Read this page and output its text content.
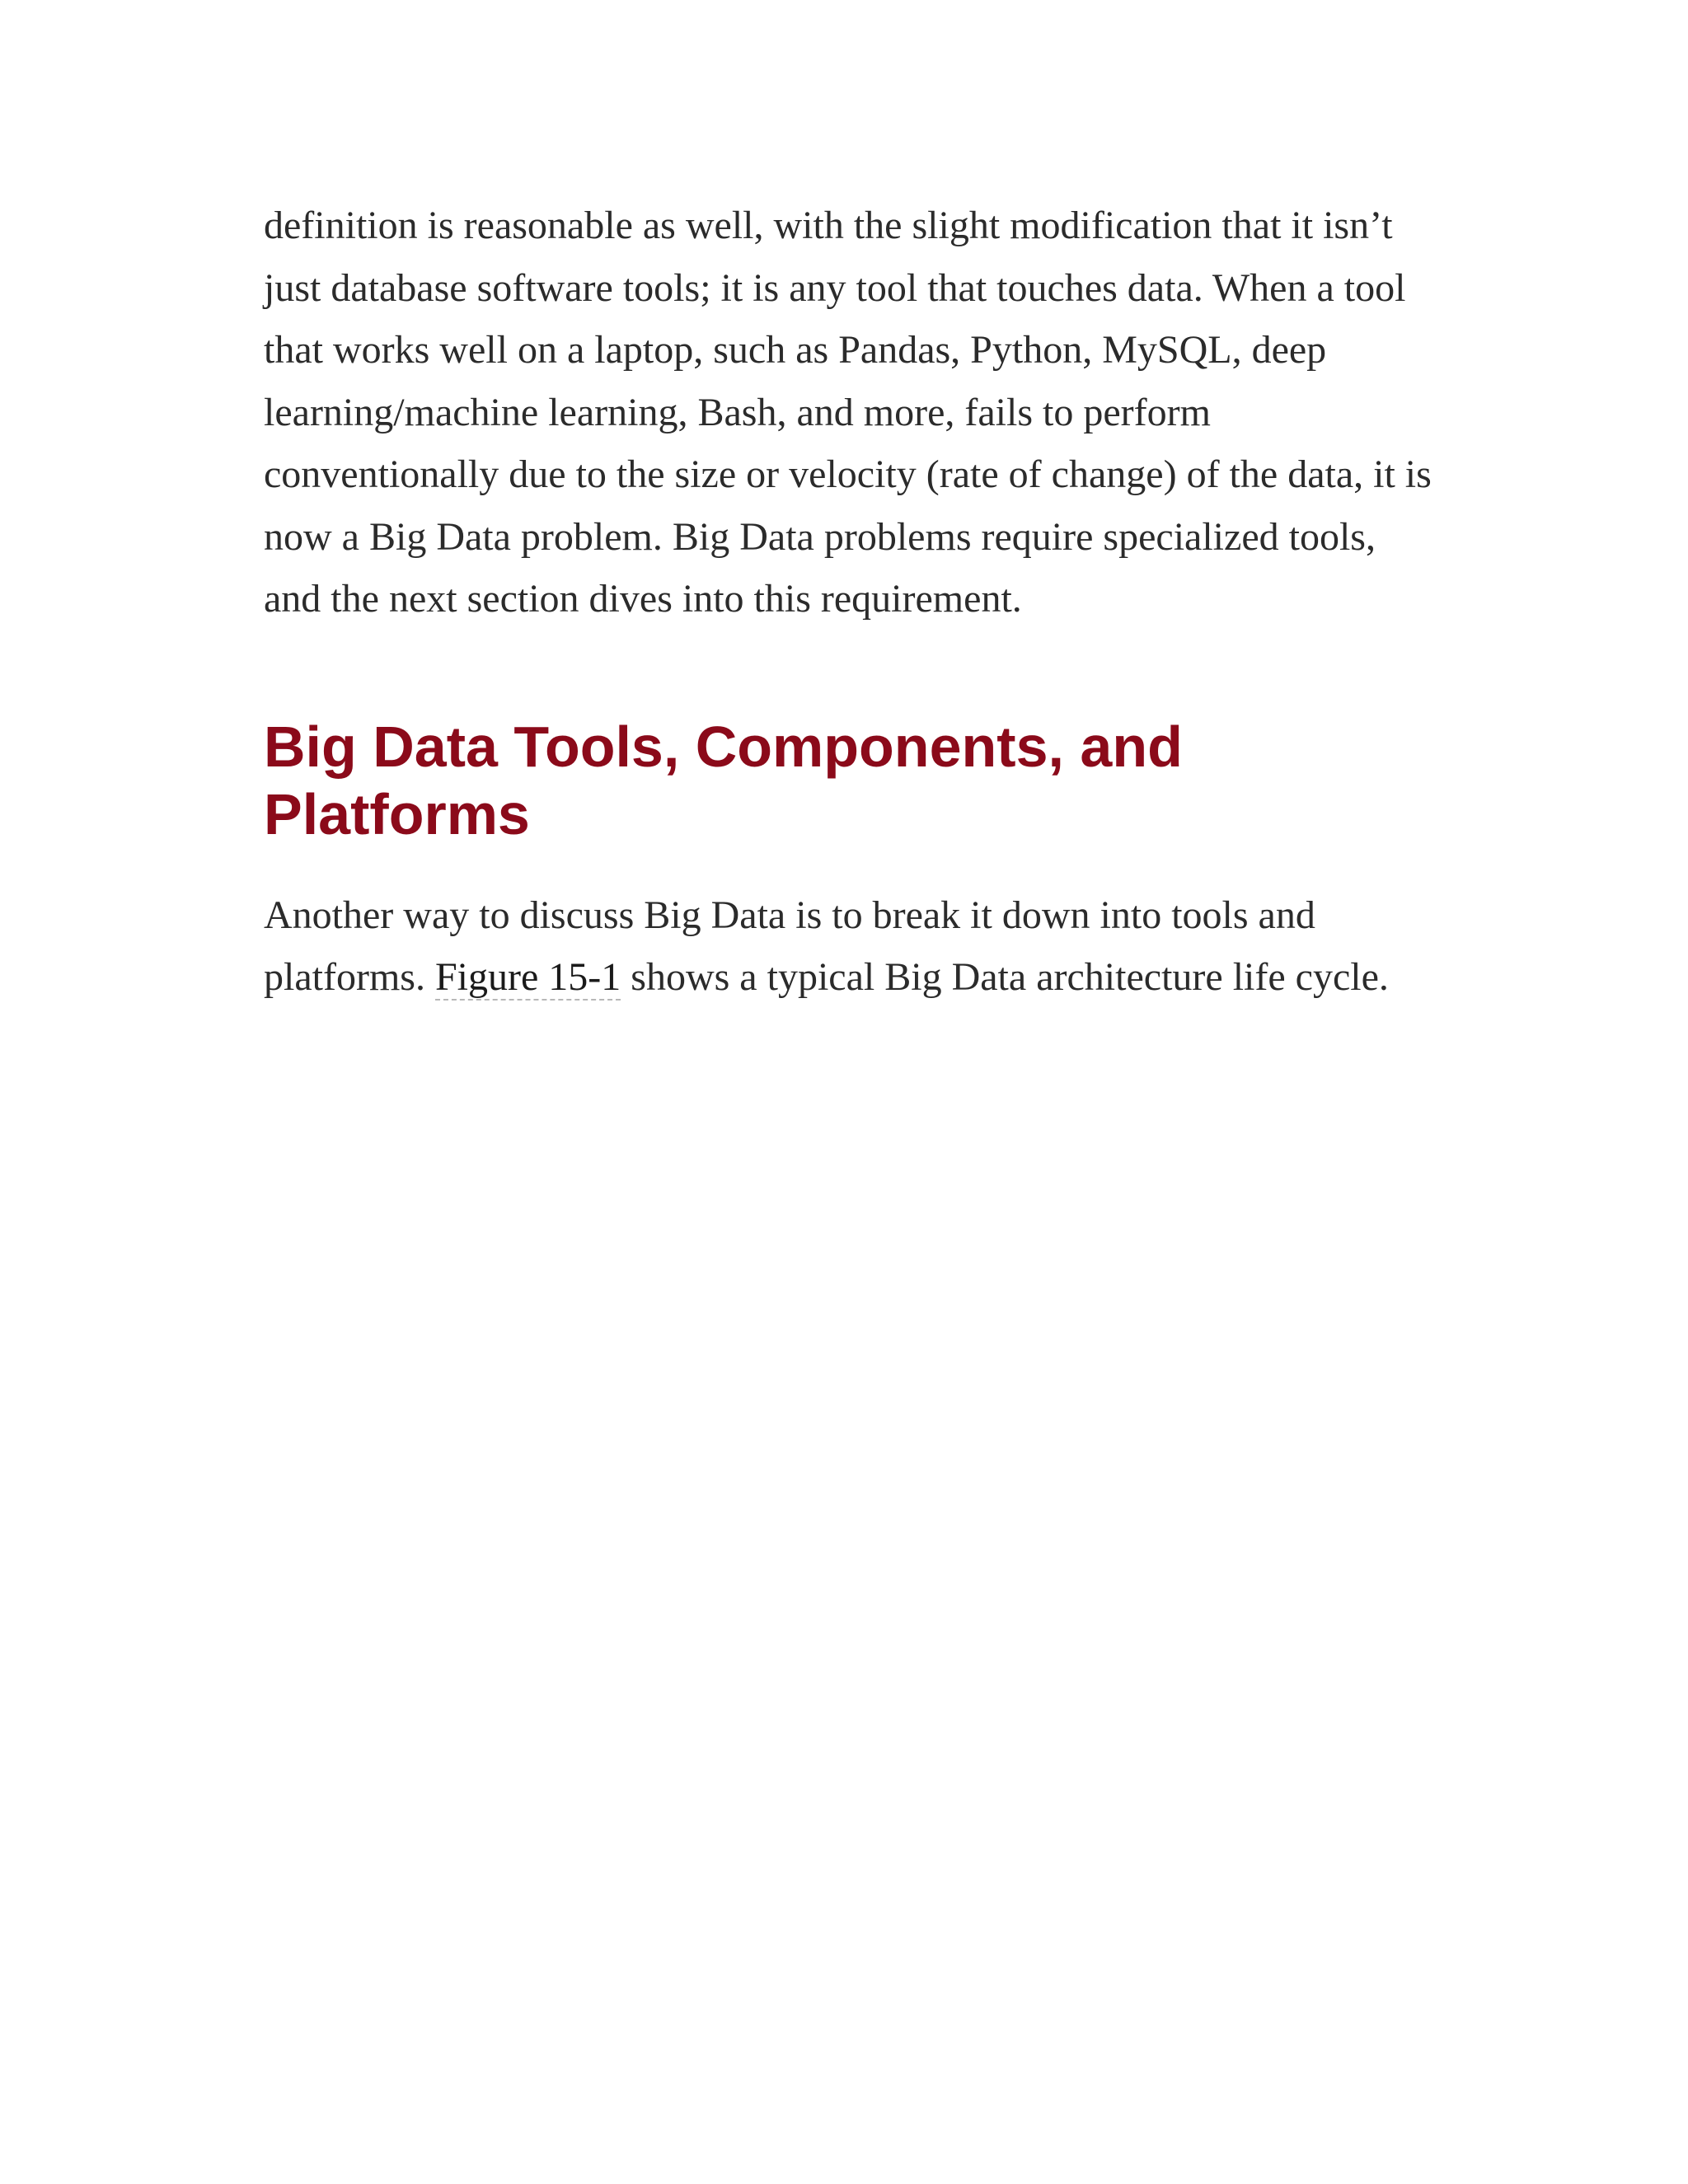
definition is reasonable as well, with the slight modification that it isn’t just database software tools; it is any tool that touches data. When a tool that works well on a laptop, such as Pandas, Python, MySQL, deep learning/machine learning, Bash, and more, fails to perform conventionally due to the size or velocity (rate of change) of the data, it is now a Big Data problem. Big Data problems require specialized tools, and the next section dives into this requirement.

Big Data Tools, Components, and Platforms

Another way to discuss Big Data is to break it down into tools and platforms. Figure 15-1 shows a typical Big Data architecture life cycle.
